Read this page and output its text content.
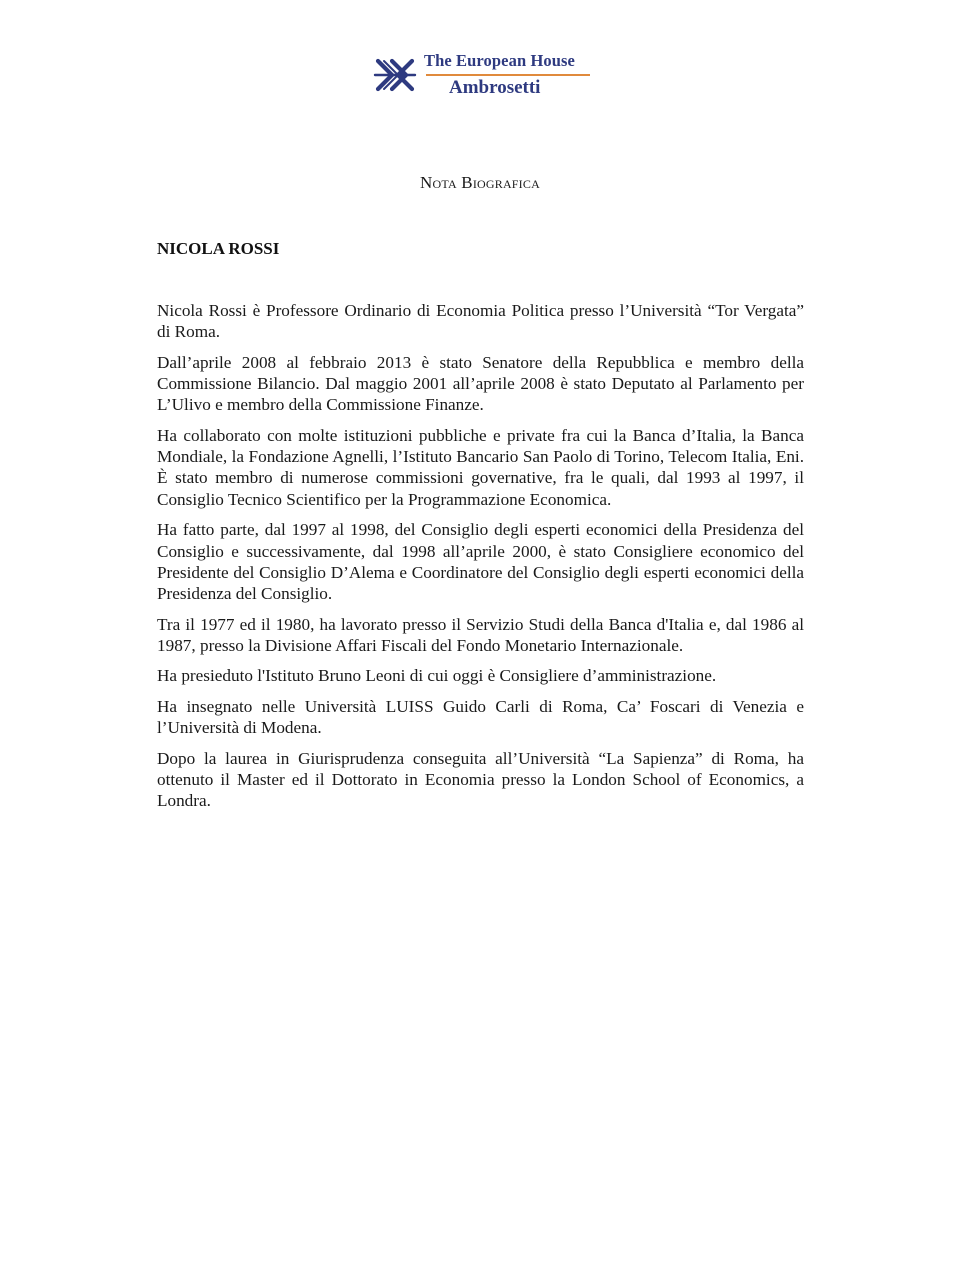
The European House
Ambrosetti
Nota Biografica
NICOLA ROSSI

Nicola Rossi è Professore Ordinario di Economia Politica presso l’Università “Tor Vergata” di Roma.

Dall’aprile 2008 al febbraio 2013 è stato Senatore della Repubblica e membro della Commissione Bilancio. Dal maggio 2001 all’aprile 2008 è stato Deputato al Parlamento per L’Ulivo e membro della Commissione Finanze.

Ha collaborato con molte istituzioni pubbliche e private fra cui la Banca d’Italia, la Banca Mondiale, la Fondazione Agnelli, l’Istituto Bancario San Paolo di Torino, Telecom Italia, Eni. È stato membro di numerose commissioni governative, fra le quali, dal 1993 al 1997, il Consiglio Tecnico Scientifico per la Programmazione Economica.

Ha fatto parte, dal 1997 al 1998, del Consiglio degli esperti economici della Presidenza del Consiglio e successivamente, dal 1998 all’aprile 2000, è stato Consigliere economico del Presidente del Consiglio D’Alema e Coordinatore del Consiglio degli esperti economici della Presidenza del Consiglio.

Tra il 1977 ed il 1980, ha lavorato presso il Servizio Studi della Banca d'Italia e, dal 1986 al 1987, presso la Divisione Affari Fiscali del Fondo Monetario Internazionale.

Ha presieduto l'Istituto Bruno Leoni di cui oggi è Consigliere d’amministrazione.

Ha insegnato nelle Università LUISS Guido Carli di Roma, Ca’ Foscari di Venezia e l’Università di Modena.

Dopo la laurea in Giurisprudenza conseguita all’Università “La Sapienza” di Roma, ha ottenuto il Master ed il Dottorato in Economia presso la London School of Economics, a Londra.
